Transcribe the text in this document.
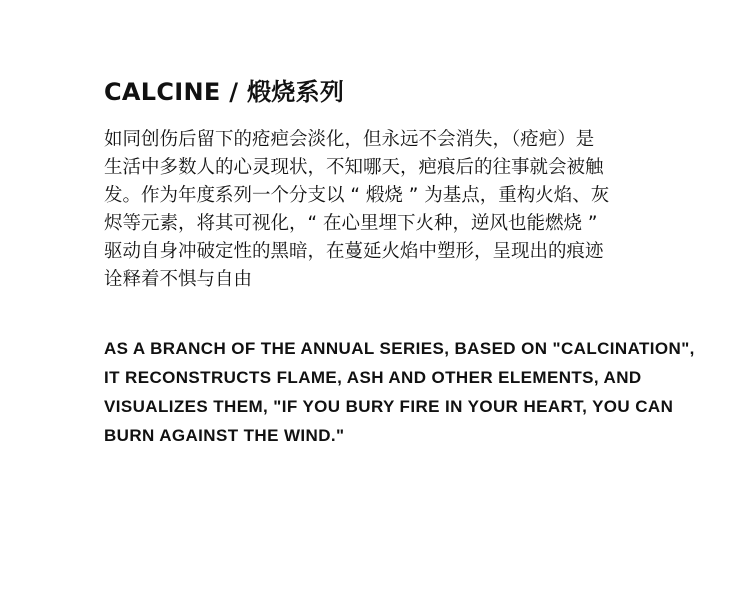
CALCINE / 煅烧系列
如同创伤后留下的疮疤会淡化，但永远不会消失，（疮疤）是
生活中多数人的心灵现状，不知哪天，疤痕后的往事就会被触
发。作为年度系列一个分支以 “ 煅烧 ” 为基点，重构火焰、灰
烬等元素，将其可视化，“ 在心里埋下火种，逆风也能燃烧 ”
驱动自身冲破定性的黑暗，在蔓延火焰中塑形，呈现出的痕迹
诠释着不惧与自由
AS A BRANCH OF THE ANNUAL SERIES, BASED ON "CALCINATION",
IT RECONSTRUCTS FLAME, ASH AND OTHER ELEMENTS, AND
VISUALIZES THEM, "IF YOU BURY FIRE IN YOUR HEART, YOU CAN
BURN AGAINST THE WIND."
